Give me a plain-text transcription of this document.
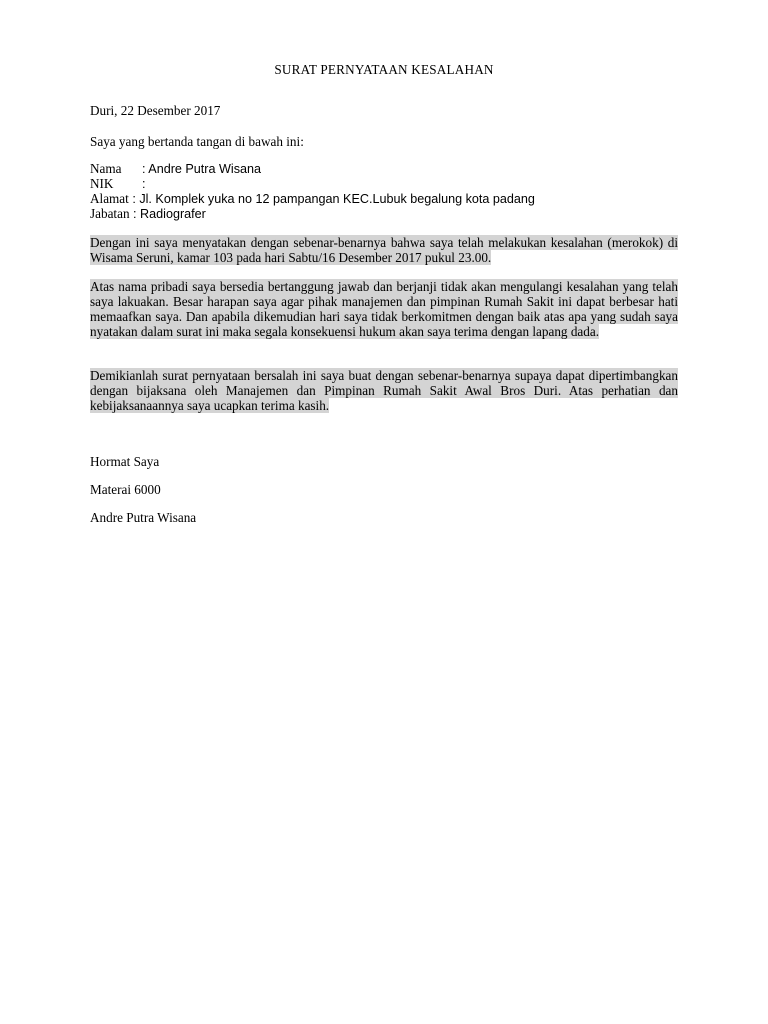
SURAT PERNYATAAN KESALAHAN
Duri, 22 Desember 2017
Saya yang bertanda tangan di bawah ini:
Nama : Andre Putra Wisana
NIK :
Alamat : Jl. Komplek yuka no 12 pampangan KEC.Lubuk begalung kota padang
Jabatan : Radiografer
Dengan ini saya menyatakan dengan sebenar-benarnya bahwa saya telah melakukan kesalahan (merokok) di Wisama Seruni, kamar 103 pada hari Sabtu/16 Desember 2017 pukul 23.00.
Atas nama pribadi saya bersedia bertanggung jawab dan berjanji tidak akan mengulangi kesalahan yang telah saya lakuakan. Besar harapan saya agar pihak manajemen dan pimpinan Rumah Sakit ini dapat berbesar hati memaafkan saya. Dan apabila dikemudian hari saya tidak berkomitmen dengan baik atas apa yang sudah saya nyatakan dalam surat ini maka segala konsekuensi hukum akan saya terima dengan lapang dada.
Demikianlah surat pernyataan bersalah ini saya buat dengan sebenar-benarnya supaya dapat dipertimbangkan dengan bijaksana oleh Manajemen dan Pimpinan Rumah Sakit Awal Bros Duri. Atas perhatian dan kebijaksanaannya saya ucapkan terima kasih.
Hormat Saya
Materai 6000
Andre Putra Wisana
